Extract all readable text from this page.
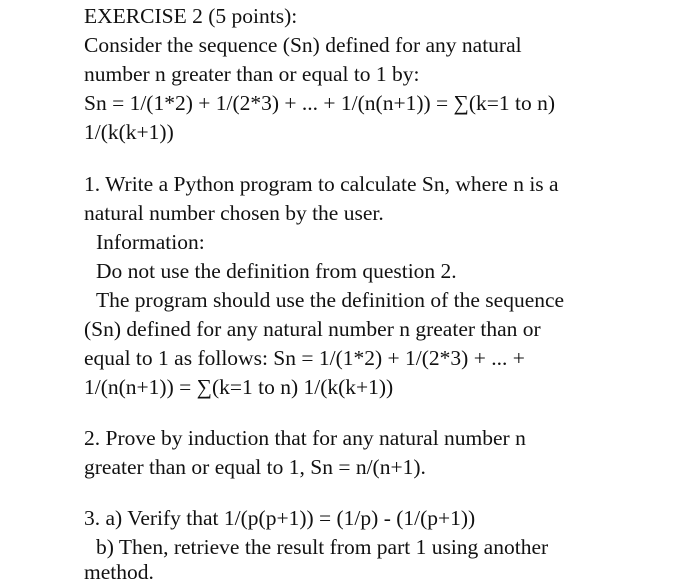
EXERCISE 2 (5 points):
Consider the sequence (Sn) defined for any natural
number n greater than or equal to 1 by:
Sn = 1/(1*2) + 1/(2*3) + ... + 1/(n(n+1)) = ∑(k=1 to n)
1/(k(k+1))
1. Write a Python program to calculate Sn, where n is a
natural number chosen by the user.
Information:
Do not use the definition from question 2.
The program should use the definition of the sequence
(Sn) defined for any natural number n greater than or
equal to 1 as follows: Sn = 1/(1*2) + 1/(2*3) + ... +
1/(n(n+1)) = ∑(k=1 to n) 1/(k(k+1))
2. Prove by induction that for any natural number n
greater than or equal to 1, Sn = n/(n+1).
3. a) Verify that 1/(p(p+1)) = (1/p) - (1/(p+1))
b) Then, retrieve the result from part 1 using another
method.
